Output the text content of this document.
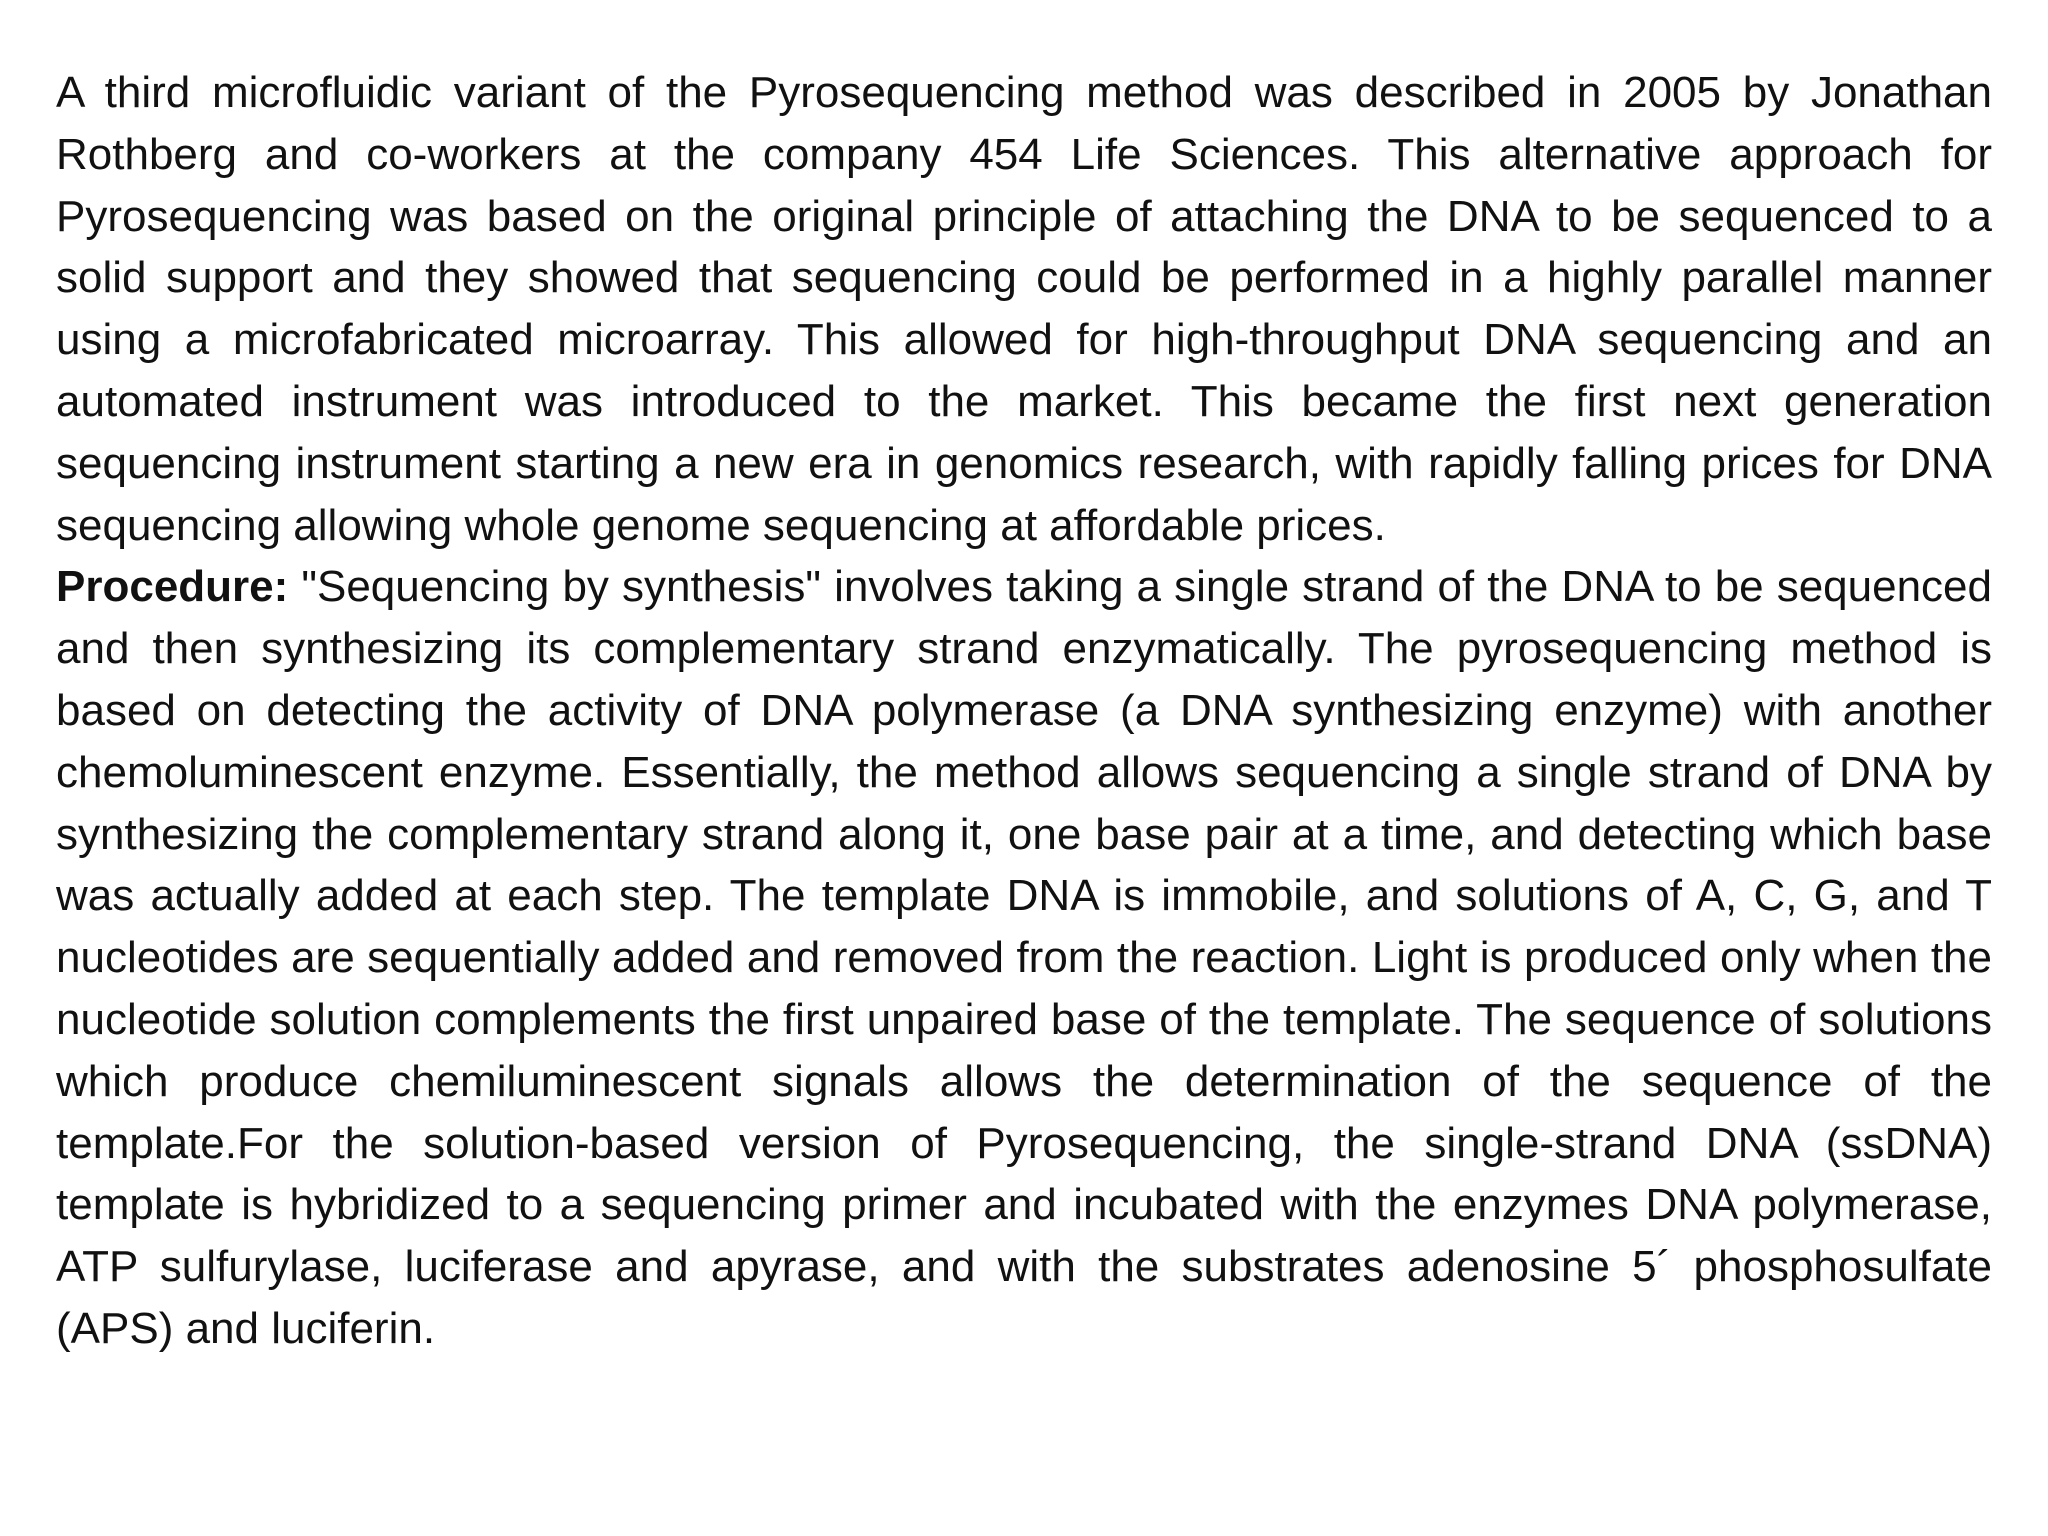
A third microfluidic variant of the Pyrosequencing method was described in 2005 by Jonathan Rothberg and co-workers at the company 454 Life Sciences. This alternative approach for Pyrosequencing was based on the original principle of attaching the DNA to be sequenced to a solid support and they showed that sequencing could be performed in a highly parallel manner using a microfabricated microarray. This allowed for high-throughput DNA sequencing and an automated instrument was introduced to the market. This became the first next generation sequencing instrument starting a new era in genomics research, with rapidly falling prices for DNA sequencing allowing whole genome sequencing at affordable prices.

Procedure: "Sequencing by synthesis" involves taking a single strand of the DNA to be sequenced and then synthesizing its complementary strand enzymatically. The pyrosequencing method is based on detecting the activity of DNA polymerase (a DNA synthesizing enzyme) with another chemoluminescent enzyme. Essentially, the method allows sequencing a single strand of DNA by synthesizing the complementary strand along it, one base pair at a time, and detecting which base was actually added at each step. The template DNA is immobile, and solutions of A, C, G, and T nucleotides are sequentially added and removed from the reaction. Light is produced only when the nucleotide solution complements the first unpaired base of the template. The sequence of solutions which produce chemiluminescent signals allows the determination of the sequence of the template.For the solution-based version of Pyrosequencing, the single-strand DNA (ssDNA) template is hybridized to a sequencing primer and incubated with the enzymes DNA polymerase, ATP sulfurylase, luciferase and apyrase, and with the substrates adenosine 5´ phosphosulfate (APS) and luciferin.
